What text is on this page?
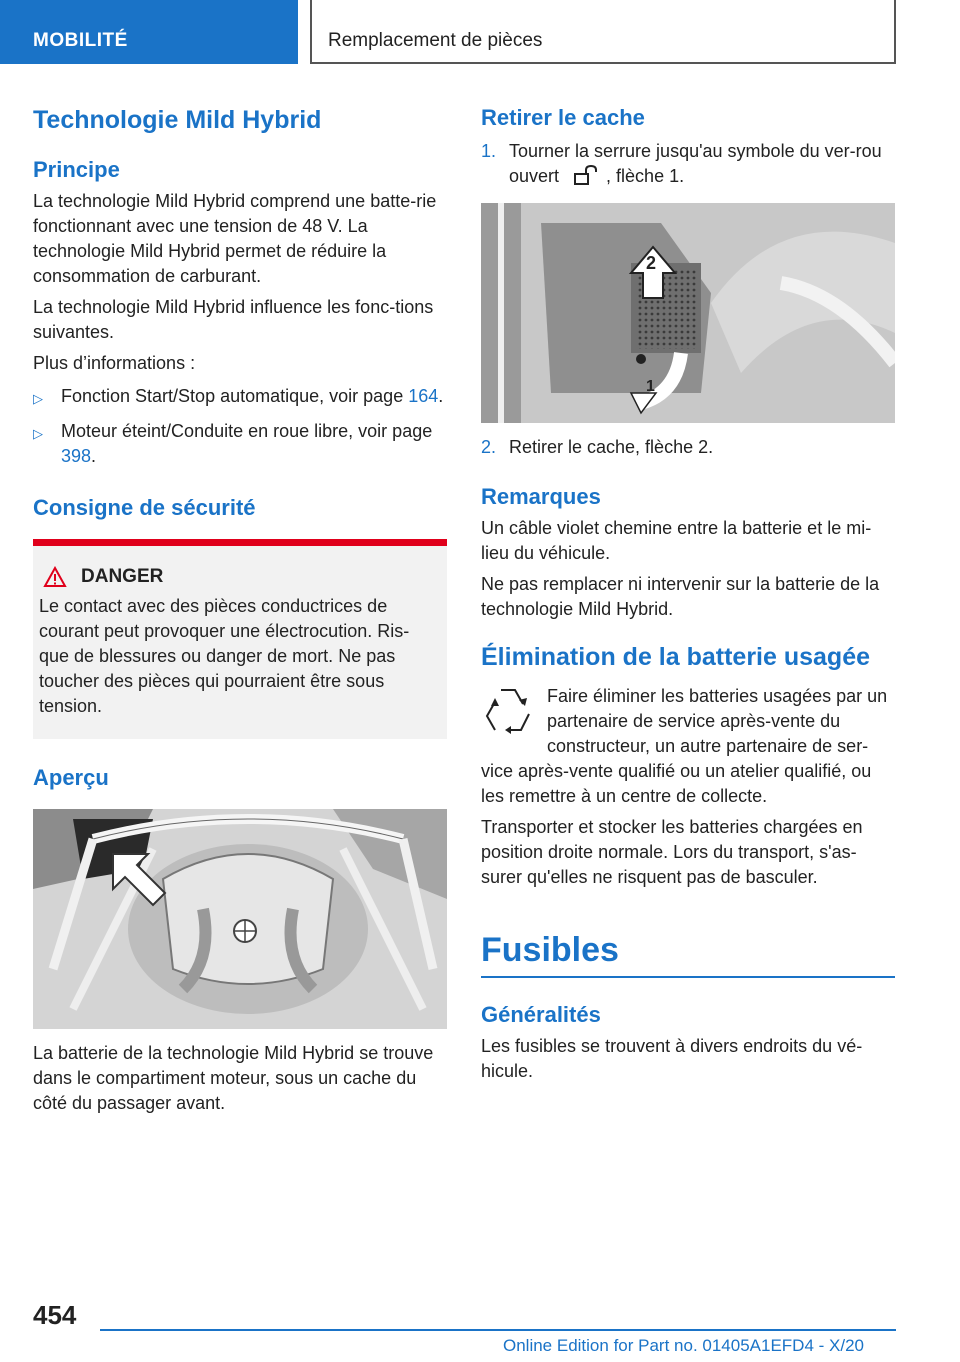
MOBILITÉ	Remplacement de pièces
Technologie Mild Hybrid
Principe

La technologie Mild Hybrid comprend une batte-rie fonctionnant avec une tension de 48 V. La technologie Mild Hybrid permet de réduire la consommation de carburant.

La technologie Mild Hybrid influence les fonc-tions suivantes.

Plus d’informations :

▷	Fonction Start/Stop automatique, voir page 164.
▷	Moteur éteint/Conduite en roue libre, voir page 398.
Consigne de sécurité
DANGER

Le contact avec des pièces conductrices de courant peut provoquer une électrocution. Ris-que de blessures ou danger de mort. Ne pas toucher des pièces qui pourraient être sous tension.

Aperçu

La batterie de la technologie Mild Hybrid se trouve dans le compartiment moteur, sous un cache du côté du passager avant.

Retirer le cache
1. Tourner la serrure jusqu'au symbole du ver-rou ouvert	, flèche 1.
2
1
2. Retirer le cache, flèche 2.
Remarques

Un câble violet chemine entre la batterie et le mi-lieu du véhicule.

Ne pas remplacer ni intervenir sur la batterie de la technologie Mild Hybrid.

Élimination de la batterie usagée

Faire éliminer les batteries usagées par un partenaire de service après-vente du constructeur, un autre partenaire de ser-vice après-vente qualifié ou un atelier qualifié, ou les remettre à un centre de collecte.

Transporter et stocker les batteries chargées en position droite normale. Lors du transport, s'as-surer qu'elles ne risquent pas de basculer.

Fusibles
Généralités

Les fusibles se trouvent à divers endroits du vé-hicule.

454
Online Edition for Part no. 01405A1EFD4 - X/20
